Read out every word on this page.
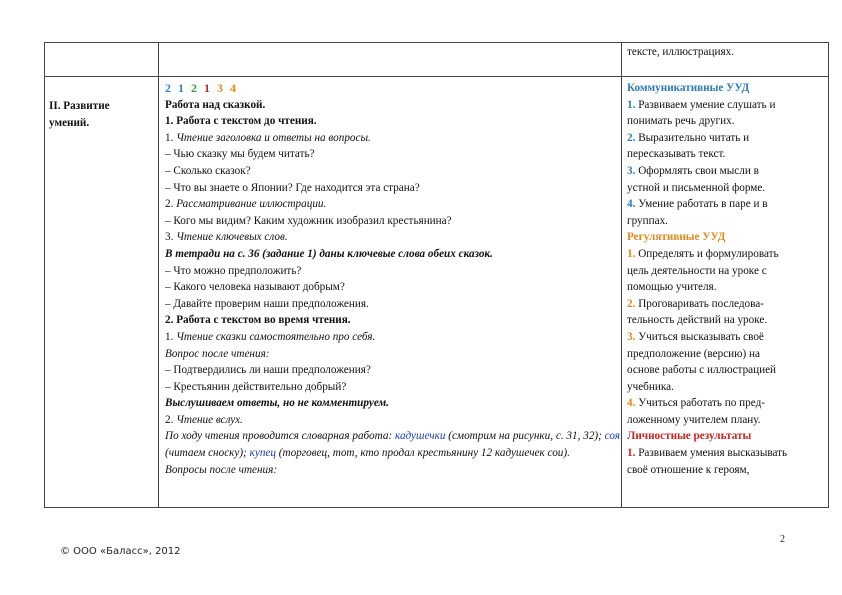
тексте, иллюстрациях.
II. Развитие
умений.
2 1 2 1 3 4
Работа над сказкой.
1. Работа с текстом до чтения.
1. Чтение заголовка и ответы на вопросы.
– Чью сказку мы будем читать?
– Сколько сказок?
– Что вы знаете о Японии? Где находится эта страна?
2. Рассматривание иллюстрации.
– Кого мы видим? Каким художник изобразил крестьянина?
3. Чтение ключевых слов.
В тетради на с. 36 (задание 1) даны ключевые слова обеих сказок.
– Что можно предположить?
– Какого человека называют добрым?
– Давайте проверим наши предположения.
2. Работа с текстом во время чтения.
1. Чтение сказки самостоятельно про себя.
Вопрос после чтения:
– Подтвердились ли наши предположения?
– Крестьянин действительно добрый?
Выслушиваем ответы, но не комментируем.
2. Чтение вслух.
По ходу чтения проводится словарная работа: кадушечки (смотрим на рисунки, с. 31, 32); соя (читаем сноску); купец (торговец, тот, кто продал крестьянину 12 кадушечек сои).
Вопросы после чтения:
Коммуникативные УУД
1. Развиваем умение слушать и
понимать речь других.
2. Выразительно читать и
пересказывать текст.
3. Оформлять свои мысли в
устной и письменной форме.
4. Умение работать в паре и в
группах.
Регулятивные УУД
1. Определять и формулировать
цель деятельности на уроке с
помощью учителя.
2. Проговаривать последова-
тельность действий на уроке.
3. Учиться высказывать своё
предположение (версию) на
основе работы с иллюстрацией
учебника.
4. Учиться работать по пред-
ложенному учителем плану.
Личностные результаты
1. Развиваем умения высказывать
своё отношение к героям,
2
© ООО «Баласс», 2012
